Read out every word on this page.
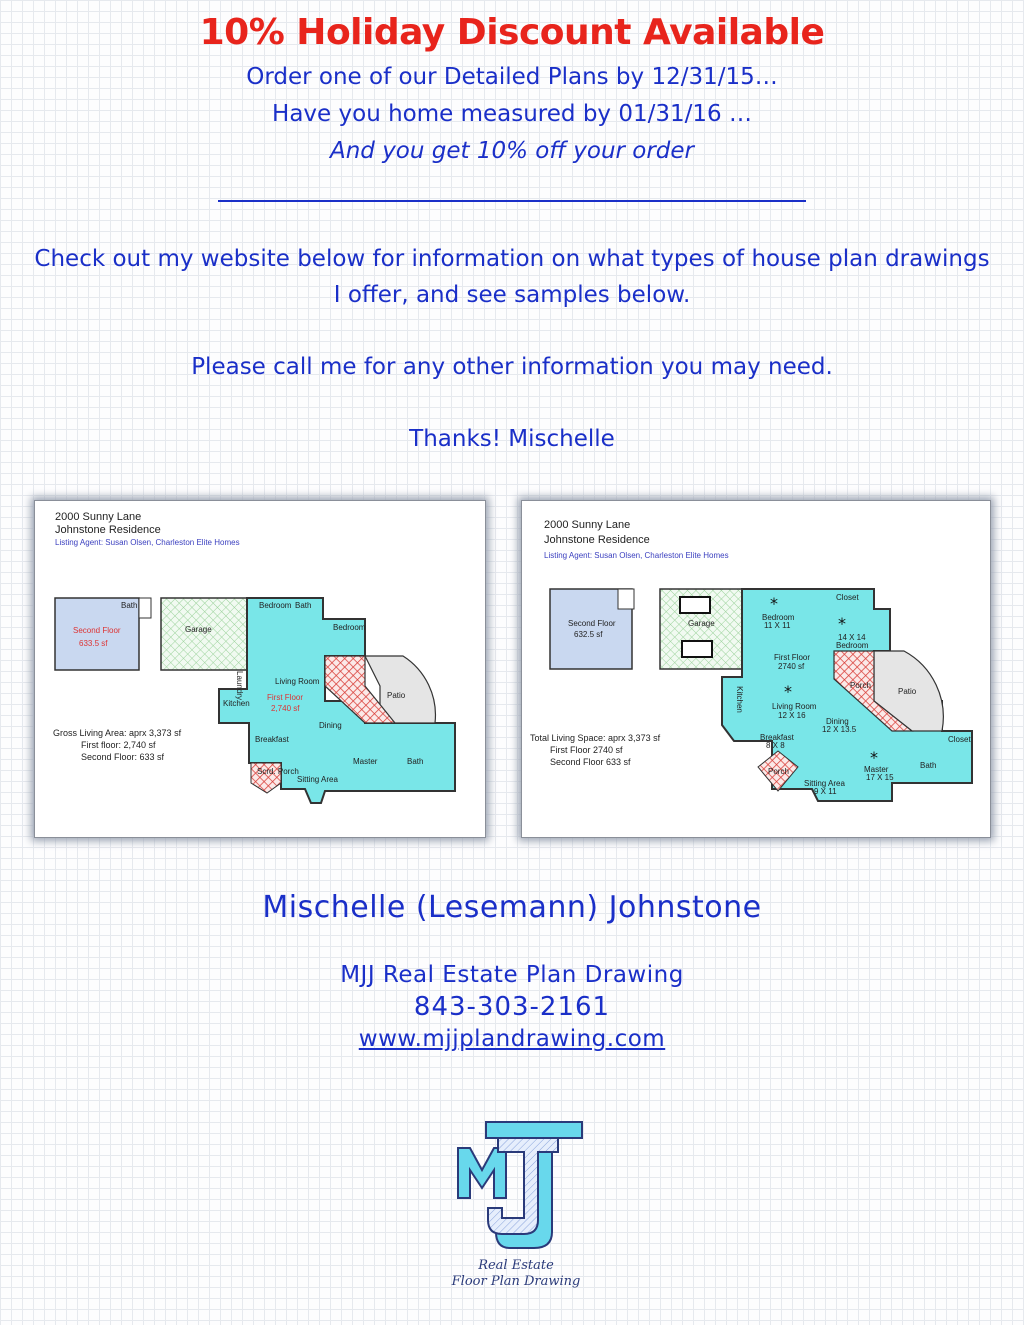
10% Holiday Discount Available
Order one of our Detailed Plans by 12/31/15…
Have you home measured by 01/31/16 …
And you get 10% off your order
Check out my website below for information on what types of house plan drawings
I offer, and see samples below.
Please call me for any other information you may need.
Thanks! Mischelle
2000 Sunny Lane
Johnstone Residence
Listing Agent: Susan Olsen, Charleston Elite Homes
Second Floor
633.5 sf
Bath
Garage
Bedroom Bath
Bedroom
Laundry	Living Room
First Floor
2,740 sf
Kitchen
Patio
Dining
Breakfast
Master	Bath
Scrd. Porch
Sitting Area
Gross Living Area: aprx 3,373 sf
First floor: 2,740 sf
Second Floor: 633 sf
2000 Sunny Lane
Johnstone Residence
Listing Agent: Susan Olsen, Charleston Elite Homes
*
*
*
*
Second Floor
632.5 sf
Garage
Bedroom
11 X 11
Closet
14 X 14
Bedroom
First Floor
2740 sf
Living Room
12 X 16
Kitchen
Porch
Patio
Dining
12 X 13.5
Breakfast
8 X 8
Master
17 X 15
Bath
Closet
Porch
Sitting Area
9 X 11
Total Living Space: aprx 3,373 sf
First Floor 2740 sf
Second Floor 633 sf
Mischelle (Lesemann) Johnstone
MJJ Real Estate Plan Drawing
843-303-2161
www.mjjplandrawing.com
Real Estate
Floor Plan Drawing
